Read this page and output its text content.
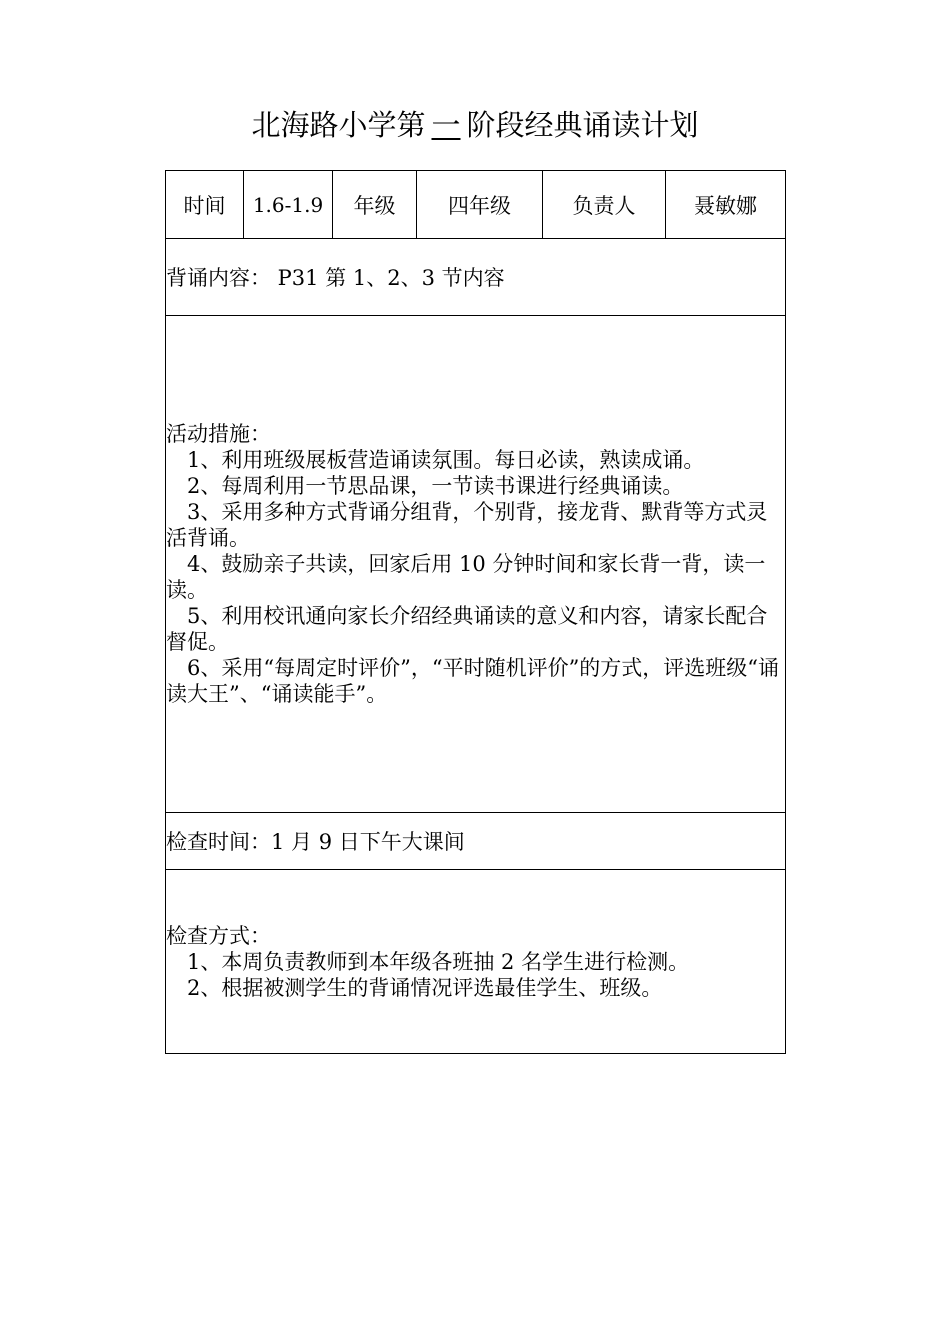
北海路小学第 一 阶段经典诵读计划
时间	1.6-1.9	年级	四年级	负责人	聂敏娜
背诵内容： P31 第 1、2、3 节内容

活动措施：
1、利用班级展板营造诵读氛围。每日必读，熟读成诵。
2、每周利用一节思品课，一节读书课进行经典诵读。
3、采用多种方式背诵分组背，个别背，接龙背、默背等方式灵活背诵。
4、鼓励亲子共读，回家后用 10 分钟时间和家长背一背，读一读。
5、利用校讯通向家长介绍经典诵读的意义和内容，请家长配合督促。
6、采用“每周定时评价”，“平时随机评价”的方式，评选班级“诵读大王”、“诵读能手”。

检查时间：1 月 9 日下午大课间

检查方式：
1、本周负责教师到本年级各班抽 2 名学生进行检测。
2、根据被测学生的背诵情况评选最佳学生、班级。
